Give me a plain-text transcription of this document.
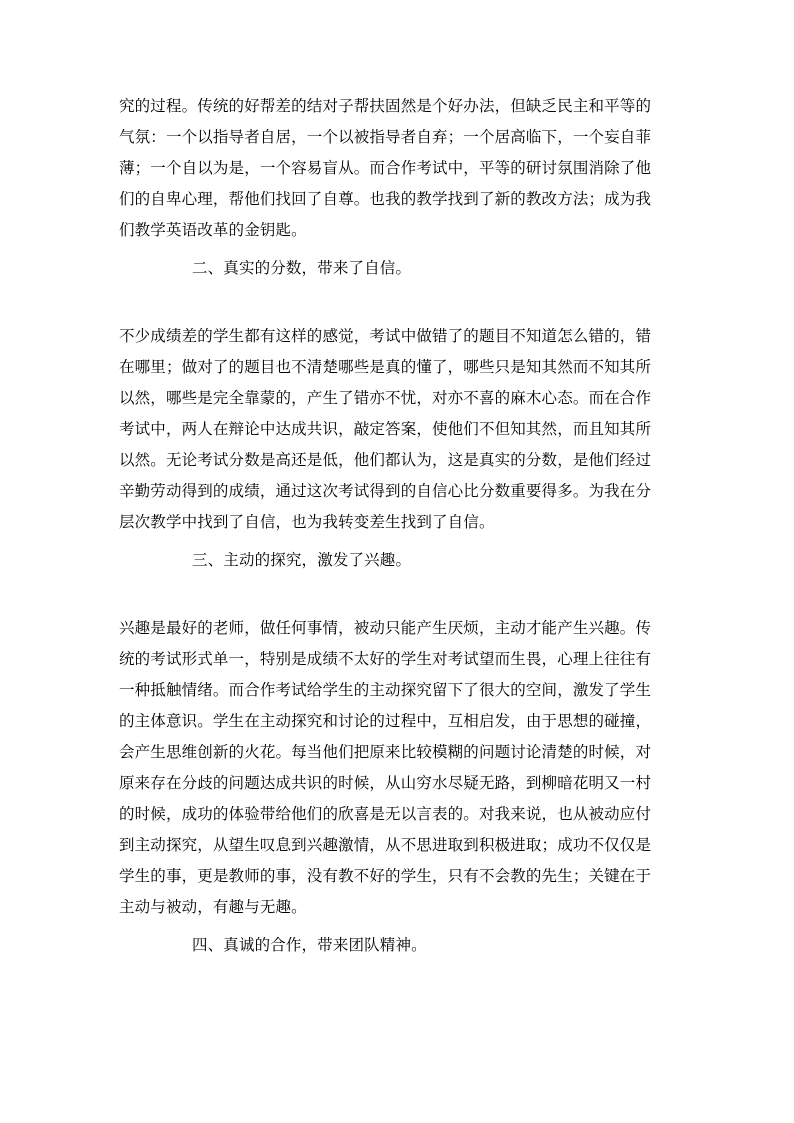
究的过程。传统的好帮差的结对子帮扶固然是个好办法，但缺乏民主和平等的
气氛：一个以指导者自居，一个以被指导者自弃；一个居高临下，一个妄自菲
薄；一个自以为是，一个容易盲从。而合作考试中，平等的研讨氛围消除了他
们的自卑心理，帮他们找回了自尊。也我的教学找到了新的教改方法；成为我
们教学英语改革的金钥匙。
二、真实的分数，带来了自信。
不少成绩差的学生都有这样的感觉，考试中做错了的题目不知道怎么错的，错
在哪里；做对了的题目也不清楚哪些是真的懂了，哪些只是知其然而不知其所
以然，哪些是完全靠蒙的，产生了错亦不忧，对亦不喜的麻木心态。而在合作
考试中，两人在辩论中达成共识，敲定答案，使他们不但知其然，而且知其所
以然。无论考试分数是高还是低，他们都认为，这是真实的分数，是他们经过
辛勤劳动得到的成绩，通过这次考试得到的自信心比分数重要得多。为我在分
层次教学中找到了自信，也为我转变差生找到了自信。
三、主动的探究，激发了兴趣。
兴趣是最好的老师，做任何事情，被动只能产生厌烦，主动才能产生兴趣。传
统的考试形式单一，特别是成绩不太好的学生对考试望而生畏，心理上往往有
一种抵触情绪。而合作考试给学生的主动探究留下了很大的空间，激发了学生
的主体意识。学生在主动探究和讨论的过程中，互相启发，由于思想的碰撞，
会产生思维创新的火花。每当他们把原来比较模糊的问题讨论清楚的时候，对
原来存在分歧的问题达成共识的时候，从山穷水尽疑无路，到柳暗花明又一村
的时候，成功的体验带给他们的欣喜是无以言表的。对我来说，也从被动应付
到主动探究，从望生叹息到兴趣激情，从不思进取到积极进取；成功不仅仅是
学生的事，更是教师的事，没有教不好的学生，只有不会教的先生；关键在于
主动与被动，有趣与无趣。
四、真诚的合作，带来团队精神。
